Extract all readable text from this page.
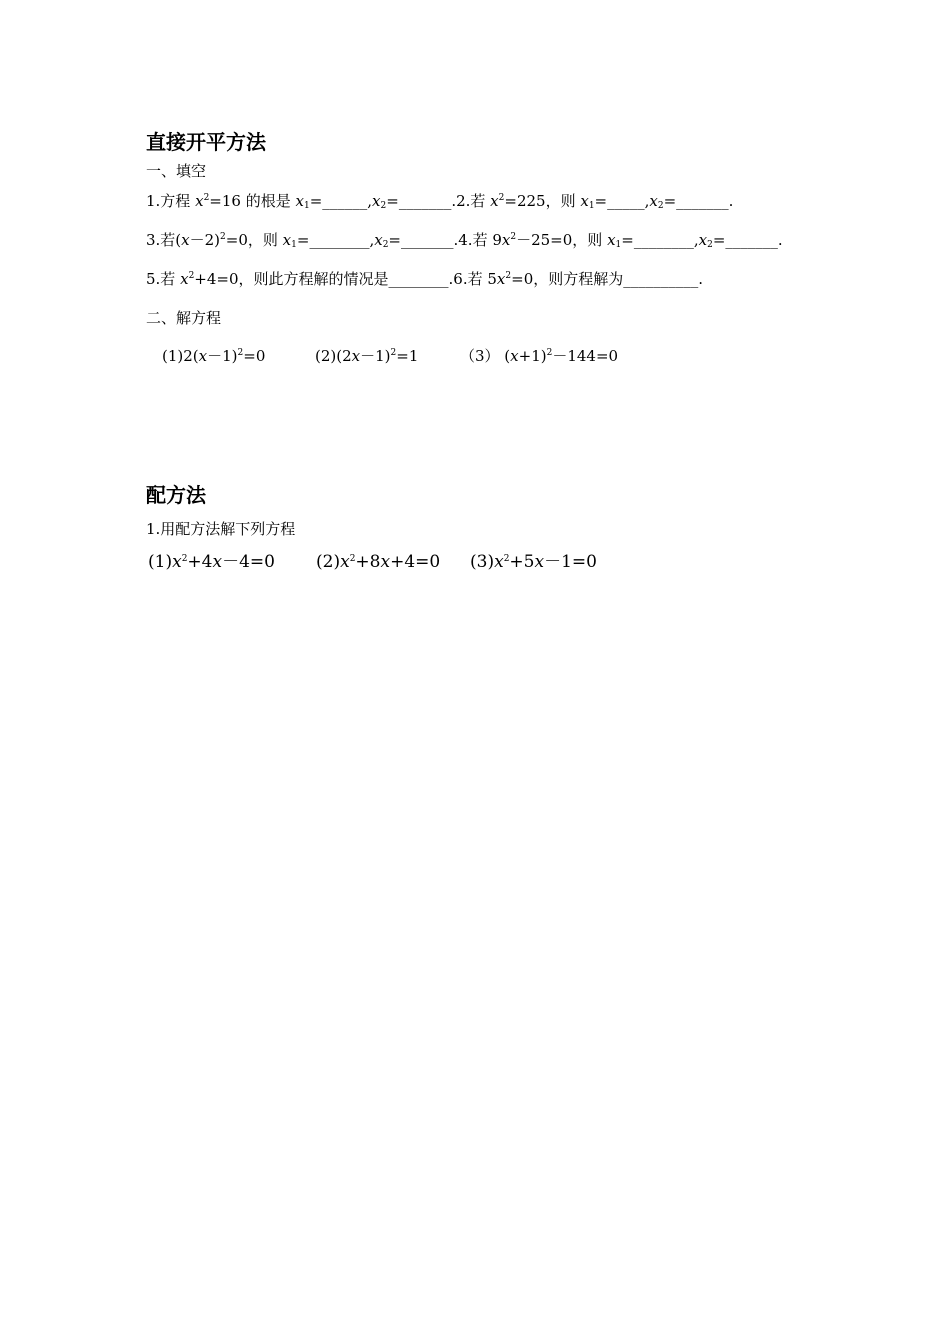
直接开平方法
一、填空
1.方程 $x^2=16$ 的根是 $x_1=\_\_\_\_\_\_,x_2=\_\_\_\_\_\_\_.2$.若 $x^2=225$，则 $x_1=\_\_\_\_\_,x_2=\_\_\_\_\_\_\_$.
3.若$(x-2)^2=0$，则 $x_1=\_\_\_\_\_\_\_\_,x_2=\_\_\_\_\_\_\_.4$.若 $9x^2-25=0$，则 $x_1=\_\_\_\_\_\_\_\_,x_2=\_\_\_\_\_\_\_$.
5.若 $x^2+4=0$，则此方程解的情况是________.6.若 $5x^2=0$，则方程解为__________.
二、解方程
$(1)2(x-1)^2=0$	$(2)(2x-1)^2=1$	（3） $(x+1)^2-144=0$
配方法
1.用配方法解下列方程
$(1)x^2+4x-4=0$ $(2)x^2+8x+4=0$ $(3)x^2+5x-1=0$
